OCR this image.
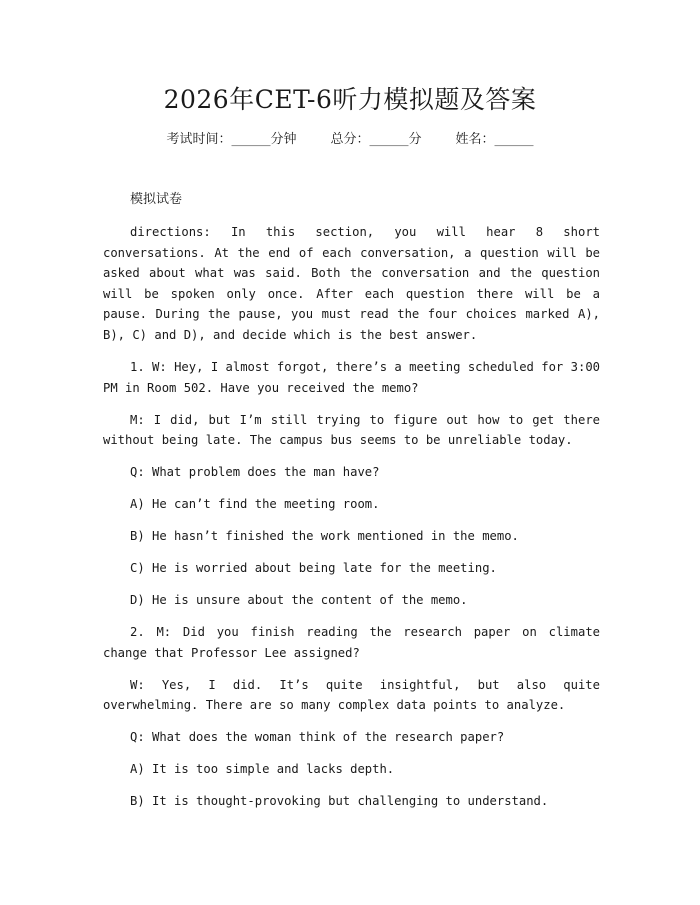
2026年CET-6听力模拟题及答案
考试时间：______分钟	总分：______分	姓名：______
模拟试卷

directions: In this section, you will hear 8 short conversations. At the end of each conversation, a question will be asked about what was said. Both the conversation and the question will be spoken only once. After each question there will be a pause. During the pause, you must read the four choices marked A), B), C) and D), and decide which is the best answer.

1. W: Hey, I almost forgot, there’s a meeting scheduled for 3:00 PM in Room 502. Have you received the memo?

M: I did, but I’m still trying to figure out how to get there without being late. The campus bus seems to be unreliable today.

Q: What problem does the man have?

A) He can’t find the meeting room.

B) He hasn’t finished the work mentioned in the memo.

C) He is worried about being late for the meeting.

D) He is unsure about the content of the memo.

2. M: Did you finish reading the research paper on climate change that Professor Lee assigned?

W: Yes, I did. It’s quite insightful, but also quite overwhelming. There are so many complex data points to analyze.

Q: What does the woman think of the research paper?

A) It is too simple and lacks depth.

B) It is thought-provoking but challenging to understand.
